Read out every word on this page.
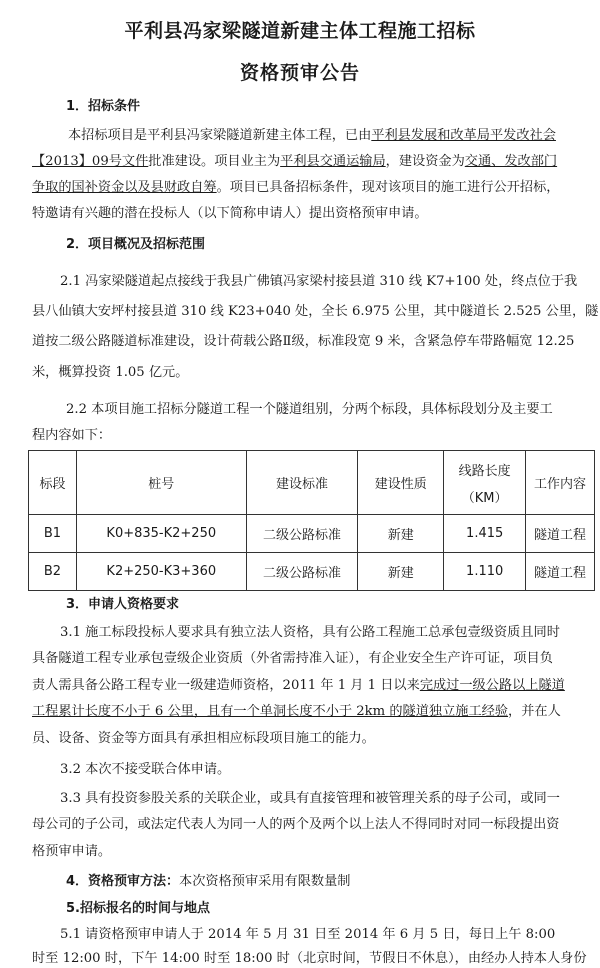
平利县冯家梁隧道新建主体工程施工招标
资格预审公告
1．招标条件
本招标项目是平利县冯家梁隧道新建主体工程，已由平利县发展和改革局平发改社会
【2013】09号文件批准建设。项目业主为平利县交通运输局，建设资金为交通、发改部门
争取的国补资金以及县财政自筹。项目已具备招标条件，现对该项目的施工进行公开招标，
特邀请有兴趣的潜在投标人（以下简称申请人）提出资格预审申请。
2．项目概况及招标范围
2.1 冯家梁隧道起点接线于我县广佛镇冯家梁村接县道 310 线 K7+100 处，终点位于我
县八仙镇大安坪村接县道 310 线 K23+040 处，全长 6.975 公里，其中隧道长 2.525 公里，隧
道按二级公路隧道标准建设，设计荷载公路Ⅱ级，标准段宽 9 米，含紧急停车带路幅宽 12.25
米，概算投资 1.05 亿元。
2.2 本项目施工招标分隧道工程一个隧道组别，分两个标段，具体标段划分及主要工
程内容如下：
标段	桩号	建设标准	建设性质	线路长度
（KM）	工作内容
B1	K0+835-K2+250	二级公路标准	新建	1.415	隧道工程
B2	K2+250-K3+360	二级公路标准	新建	1.110	隧道工程
3．申请人资格要求
3.1 施工标段投标人要求具有独立法人资格，具有公路工程施工总承包壹级资质且同时
具备隧道工程专业承包壹级企业资质（外省需持准入证），有企业安全生产许可证，项目负
责人需具备公路工程专业一级建造师资格，2011 年 1 月 1 日以来完成过一级公路以上隧道
工程累计长度不小于 6 公里，且有一个单洞长度不小于 2km 的隧道独立施工经验，并在人
员、设备、资金等方面具有承担相应标段项目施工的能力。
3.2 本次不接受联合体申请。
3.3 具有投资参股关系的关联企业，或具有直接管理和被管理关系的母子公司，或同一
母公司的子公司，或法定代表人为同一人的两个及两个以上法人不得同时对同一标段提出资
格预审申请。
4．资格预审方法：本次资格预审采用有限数量制
5.招标报名的时间与地点
5.1 请资格预审申请人于 2014 年 5 月 31 日至 2014 年 6 月 5 日，每日上午 8:00
时至 12:00 时，下午 14:00 时至 18:00 时（北京时间，节假日不休息），由经办人持本人身份
